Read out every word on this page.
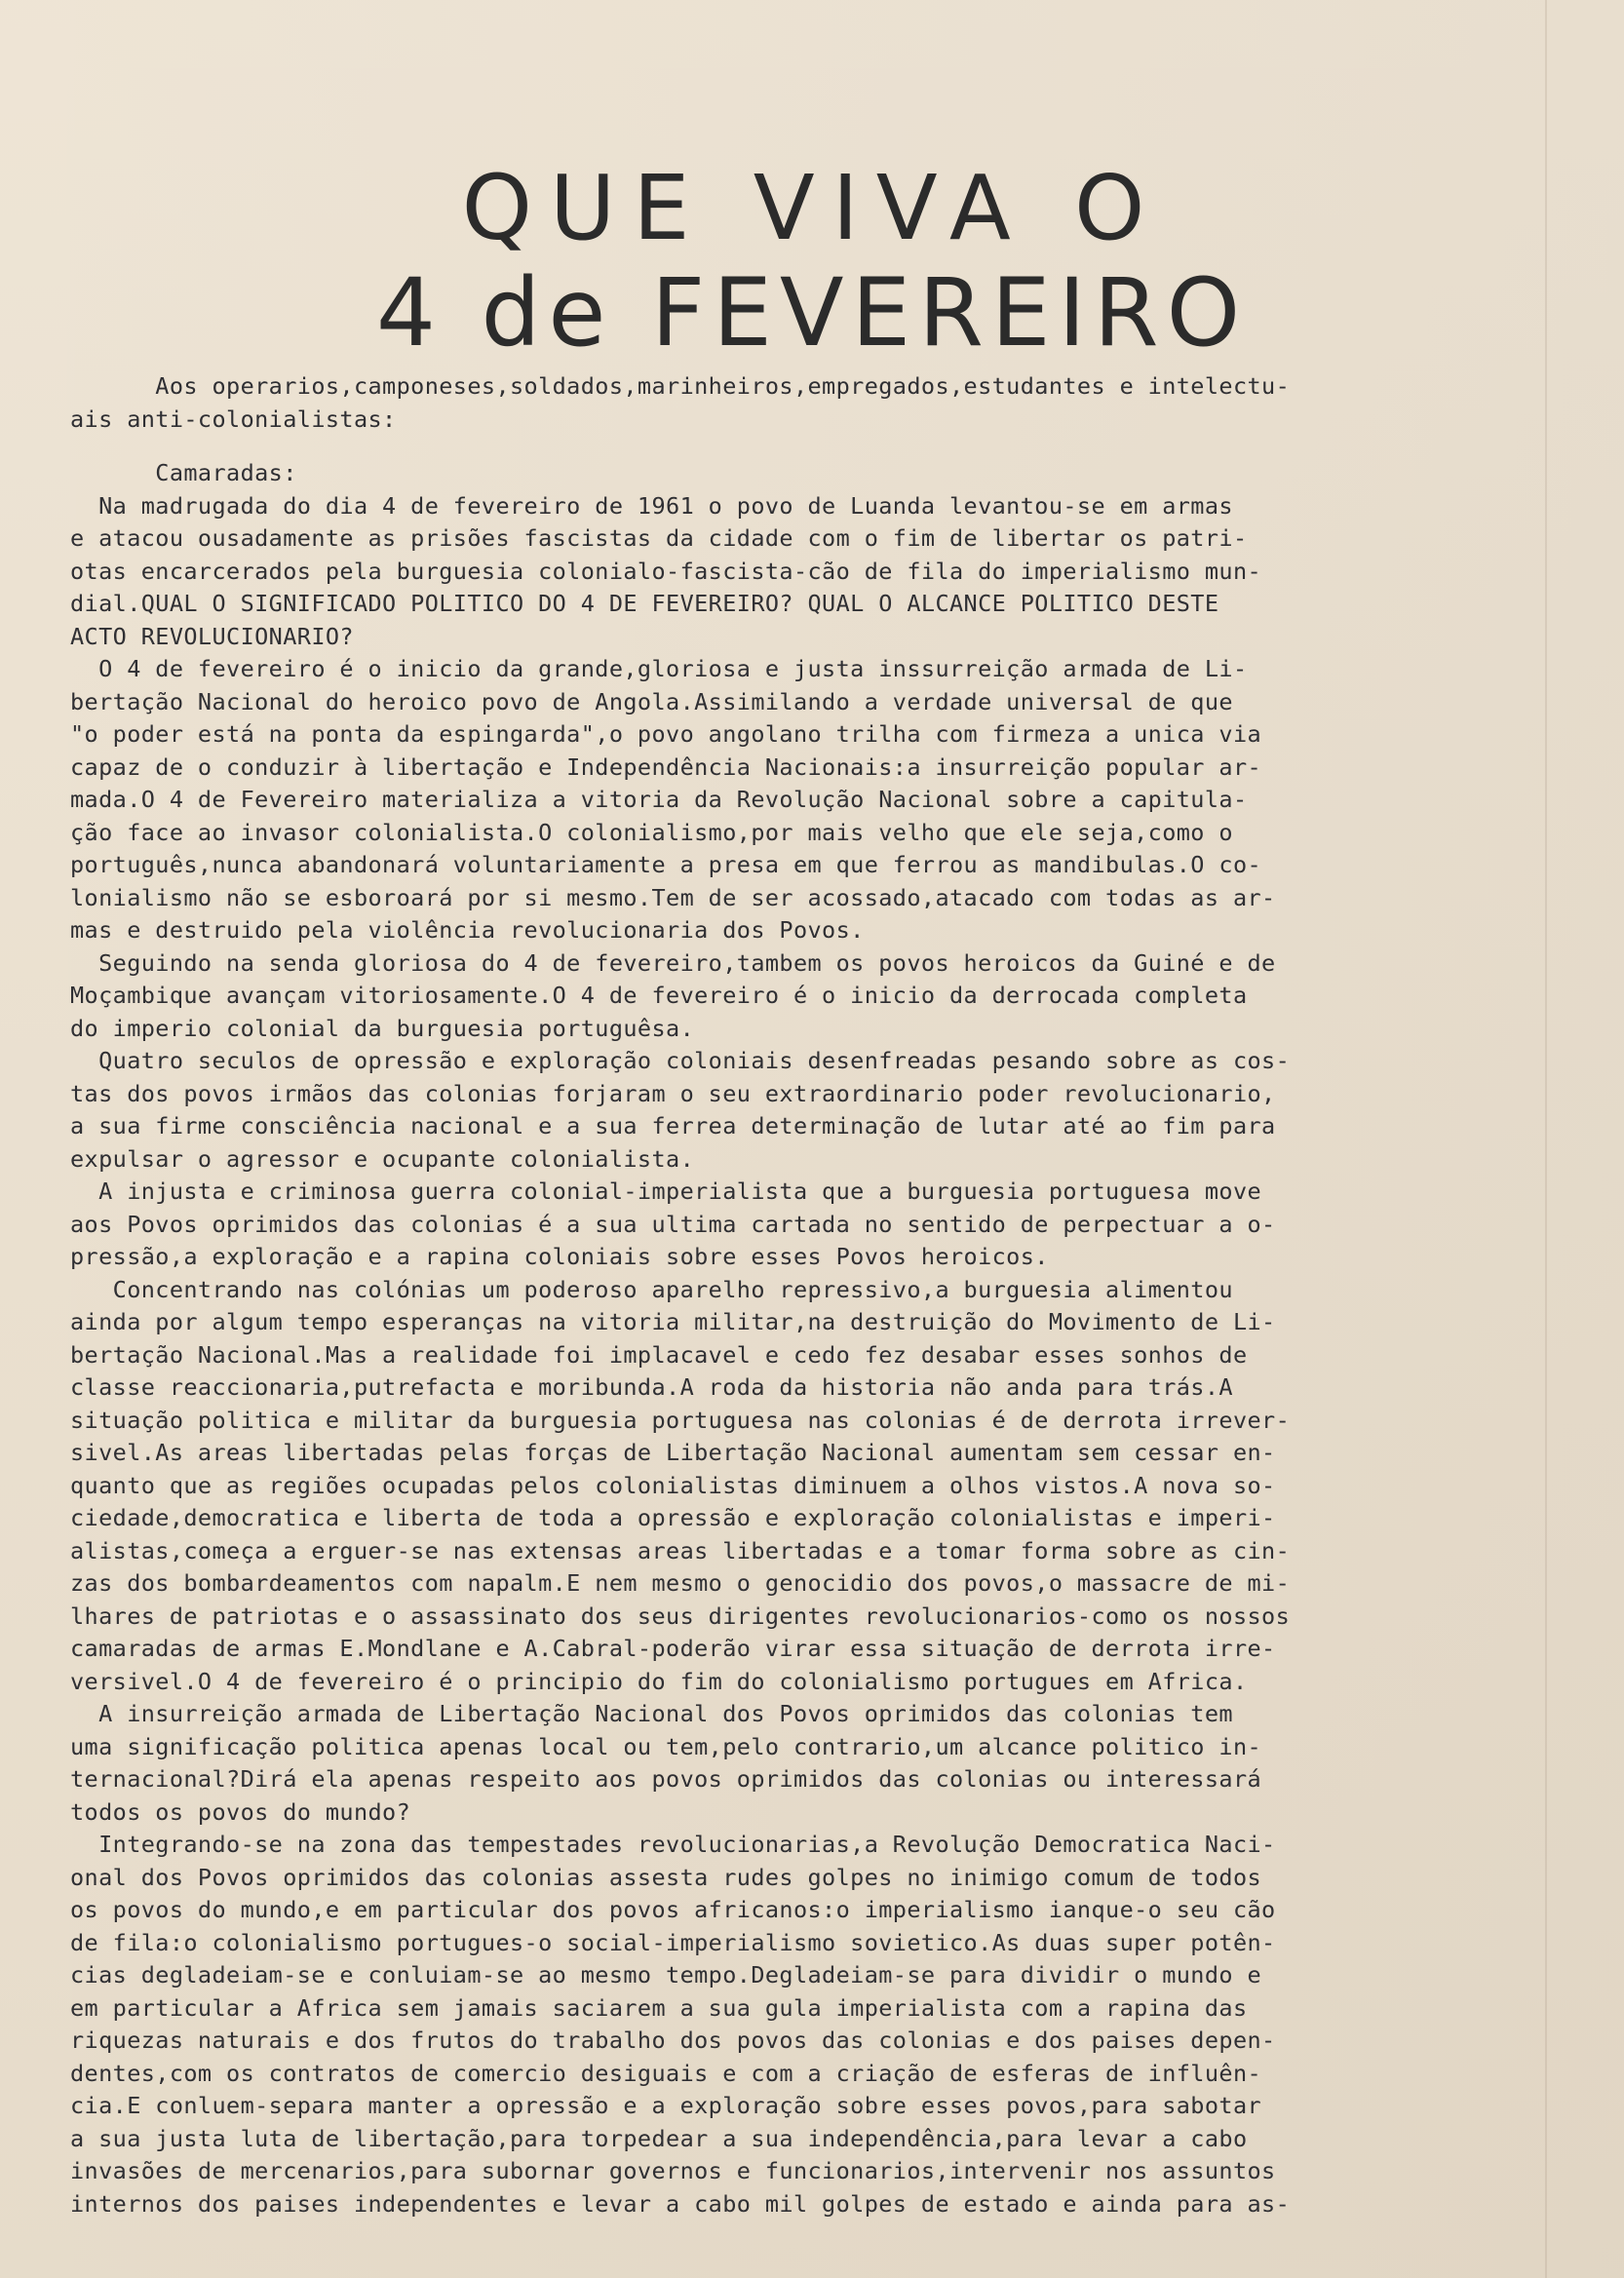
QUE VIVA O
4 de FEVEREIRO
Aos operarios,camponeses,soldados,marinheiros,empregados,estudantes e intelectu-
ais anti-colonialistas:
Camaradas:
Na madrugada do dia 4 de fevereiro de 1961 o povo de Luanda levantou-se em armas
e atacou ousadamente as prisões fascistas da cidade com o fim de libertar os patri-
otas encarcerados pela burguesia colonialo-fascista-cão de fila do imperialismo mun-
dial.QUAL O SIGNIFICADO POLITICO DO 4 DE FEVEREIRO? QUAL O ALCANCE POLITICO DESTE
ACTO REVOLUCIONARIO?
O 4 de fevereiro é o inicio da grande,gloriosa e justa inssurreição armada de Li-
bertação Nacional do heroico povo de Angola.Assimilando a verdade universal de que
"o poder está na ponta da espingarda",o povo angolano trilha com firmeza a unica via
capaz de o conduzir à libertação e Independência Nacionais:a insurreição popular ar-
mada.O 4 de Fevereiro materializa a vitoria da Revolução Nacional sobre a capitula-
ção face ao invasor colonialista.O colonialismo,por mais velho que ele seja,como o
português,nunca abandonará voluntariamente a presa em que ferrou as mandibulas.O co-
lonialismo não se esboroará por si mesmo.Tem de ser acossado,atacado com todas as ar-
mas e destruido pela violência revolucionaria dos Povos.
Seguindo na senda gloriosa do 4 de fevereiro,tambem os povos heroicos da Guiné e de
Moçambique avançam vitoriosamente.O 4 de fevereiro é o inicio da derrocada completa
do imperio colonial da burguesia portuguêsa.
Quatro seculos de opressão e exploração coloniais desenfreadas pesando sobre as cos-
tas dos povos irmãos das colonias forjaram o seu extraordinario poder revolucionario,
a sua firme consciência nacional e a sua ferrea determinação de lutar até ao fim para
expulsar o agressor e ocupante colonialista.
A injusta e criminosa guerra colonial-imperialista que a burguesia portuguesa move
aos Povos oprimidos das colonias é a sua ultima cartada no sentido de perpectuar a o-
pressão,a exploração e a rapina coloniais sobre esses Povos heroicos.
Concentrando nas colónias um poderoso aparelho repressivo,a burguesia alimentou
ainda por algum tempo esperanças na vitoria militar,na destruição do Movimento de Li-
bertação Nacional.Mas a realidade foi implacavel e cedo fez desabar esses sonhos de
classe reaccionaria,putrefacta e moribunda.A roda da historia não anda para trás.A
situação politica e militar da burguesia portuguesa nas colonias é de derrota irrever-
sivel.As areas libertadas pelas forças de Libertação Nacional aumentam sem cessar en-
quanto que as regiões ocupadas pelos colonialistas diminuem a olhos vistos.A nova so-
ciedade,democratica e liberta de toda a opressão e exploração colonialistas e imperi-
alistas,começa a erguer-se nas extensas areas libertadas e a tomar forma sobre as cin-
zas dos bombardeamentos com napalm.E nem mesmo o genocidio dos povos,o massacre de mi-
lhares de patriotas e o assassinato dos seus dirigentes revolucionarios-como os nossos
camaradas de armas E.Mondlane e A.Cabral-poderão virar essa situação de derrota irre-
versivel.O 4 de fevereiro é o principio do fim do colonialismo portugues em Africa.
A insurreição armada de Libertação Nacional dos Povos oprimidos das colonias tem
uma significação politica apenas local ou tem,pelo contrario,um alcance politico in-
ternacional?Dirá ela apenas respeito aos povos oprimidos das colonias ou interessará
todos os povos do mundo?
Integrando-se na zona das tempestades revolucionarias,a Revolução Democratica Naci-
onal dos Povos oprimidos das colonias assesta rudes golpes no inimigo comum de todos
os povos do mundo,e em particular dos povos africanos:o imperialismo ianque-o seu cão
de fila:o colonialismo portugues-o social-imperialismo sovietico.As duas super potên-
cias degladeiam-se e conluiam-se ao mesmo tempo.Degladeiam-se para dividir o mundo e
em particular a Africa sem jamais saciarem a sua gula imperialista com a rapina das
riquezas naturais e dos frutos do trabalho dos povos das colonias e dos paises depen-
dentes,com os contratos de comercio desiguais e com a criação de esferas de influên-
cia.E conluem-separa manter a opressão e a exploração sobre esses povos,para sabotar
a sua justa luta de libertação,para torpedear a sua independência,para levar a cabo
invasões de mercenarios,para subornar governos e funcionarios,intervenir nos assuntos
internos dos paises independentes e levar a cabo mil golpes de estado e ainda para as-
